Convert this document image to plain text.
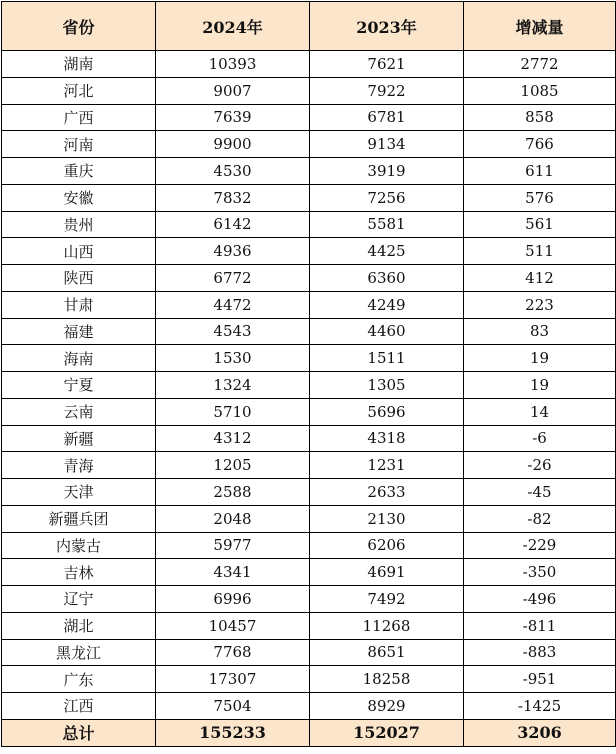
省份	2024年	2023年	增减量
湖南	10393	7621	2772
河北	9007	7922	1085
广西	7639	6781	858
河南	9900	9134	766
重庆	4530	3919	611
安徽	7832	7256	576
贵州	6142	5581	561
山西	4936	4425	511
陕西	6772	6360	412
甘肃	4472	4249	223
福建	4543	4460	83
海南	1530	1511	19
宁夏	1324	1305	19
云南	5710	5696	14
新疆	4312	4318	-6
青海	1205	1231	-26
天津	2588	2633	-45
新疆兵团	2048	2130	-82
内蒙古	5977	6206	-229
吉林	4341	4691	-350
辽宁	6996	7492	-496
湖北	10457	11268	-811
黑龙江	7768	8651	-883
广东	17307	18258	-951
江西	7504	8929	-1425
总计	155233	152027	3206
